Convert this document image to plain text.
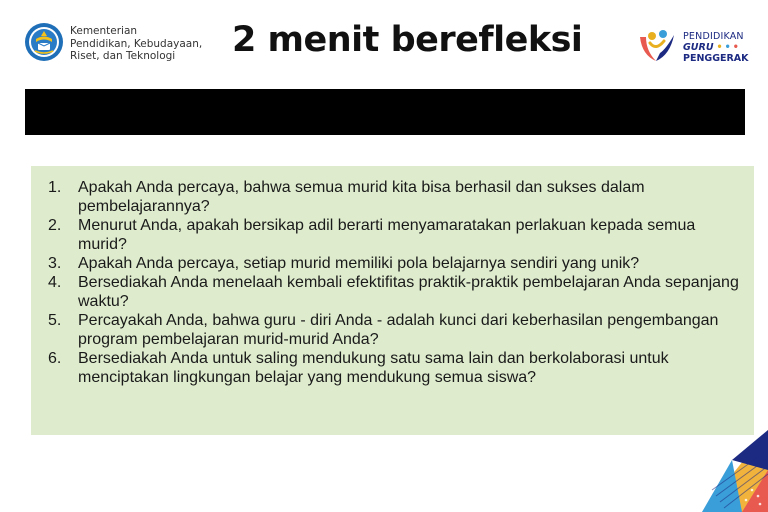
Kementerian
Pendidikan, Kebudayaan,
Riset, dan Teknologi	2 menit berefleksi	PENDIDIKAN
GURU •••
PENGGERAK
1. Apakah Anda percaya, bahwa semua murid kita bisa berhasil dan sukses dalam pembelajarannya?
2. Menurut Anda, apakah bersikap adil berarti menyamaratakan perlakuan kepada semua murid?
3. Apakah Anda percaya, setiap murid memiliki pola belajarnya sendiri yang unik?
4. Bersediakah Anda menelaah kembali efektifitas praktik-praktik pembelajaran Anda sepanjang waktu?
5. Percayakah Anda, bahwa guru - diri Anda - adalah kunci dari keberhasilan pengembangan program pembelajaran murid-murid Anda?
6. Bersediakah Anda untuk saling mendukung satu sama lain dan berkolaborasi untuk menciptakan lingkungan belajar yang mendukung semua siswa?
